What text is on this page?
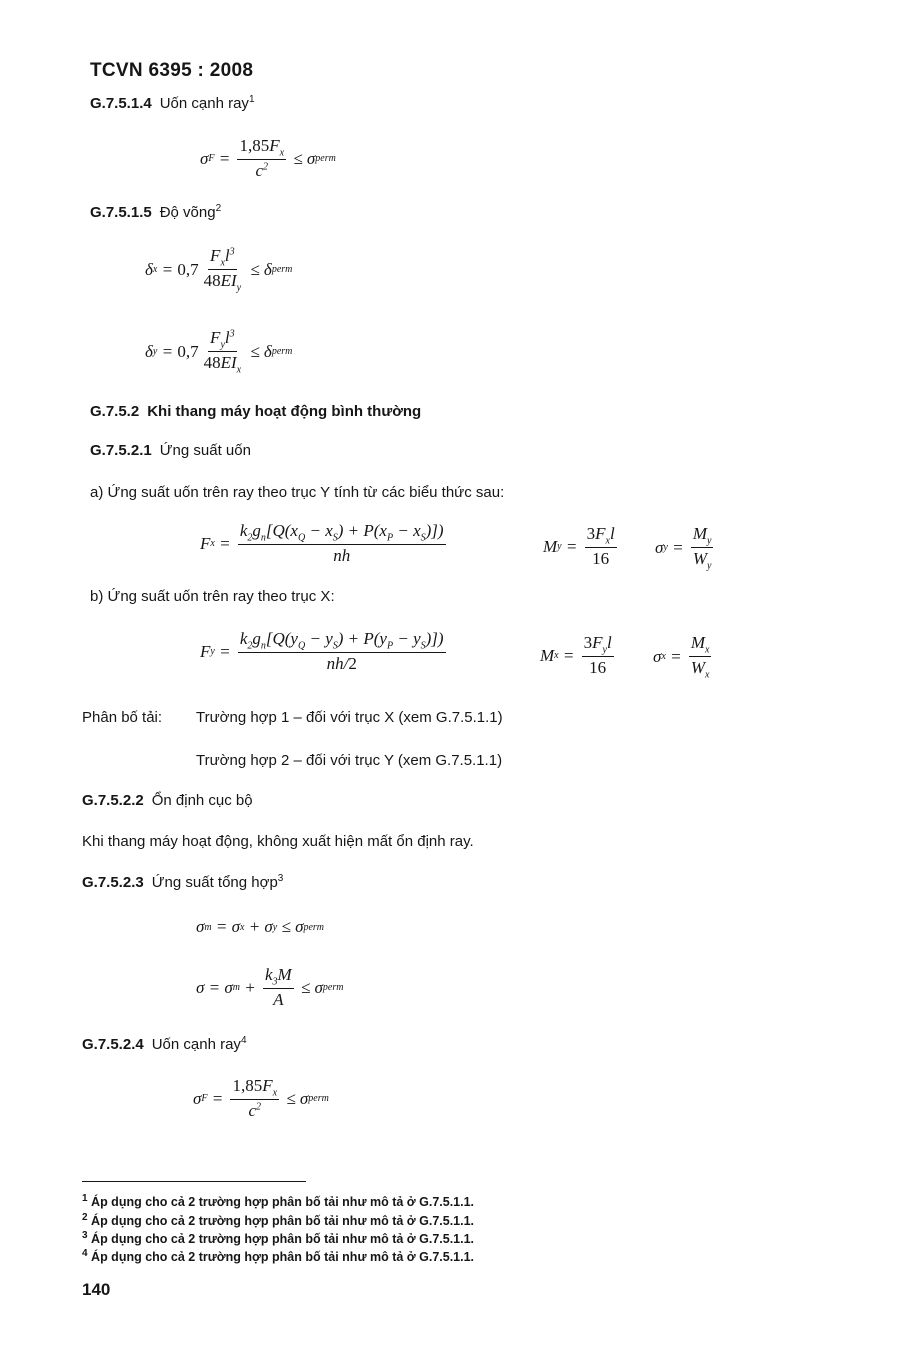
TCVN 6395 : 2008
G.7.5.1.4 Uốn cạnh ray$^1$
σ $F = \frac{1,85F_x}{c^2} \le \sigma$ perm
G.7.5.1.5 Độ võng$^2$
δ $x = 0,7 \frac{F_xl^3}{48EI_y} \le \delta$ perm
δ $y = 0,7 \frac{F_yl^3}{48EI_x} \le \delta$ perm
G.7.5.2 Khi thang máy hoạt động bình thường
G.7.5.2.1 Ứng suất uốn
a) Ứng suất uốn trên ray theo trục Y tính từ các biểu thức sau:
F $x = \frac{k_2g_n[Q(x_Q - x_S) + P(x_P - x_S)])}{nh}$	M $y = \frac{3F_xl}{16}$ σ $y = \frac{M_y}{W_y}$
b) Ứng suất uốn trên ray theo trục X:
F $y = \frac{k_2g_n[Q(y_Q - y_S) + P(y_P - y_S)])}{nh/2}$	M $x = \frac{3F_yl}{16}$ σ $x = \frac{M_x}{W_x}$
Phân bố tải: Trường hợp 1 – đối với trục X (xem G.7.5.1.1)
Trường hợp 2 – đối với trục Y (xem G.7.5.1.1)
G.7.5.2.2 Ổn định cục bộ
Khi thang máy hoạt động, không xuất hiện mất ổn định ray.
G.7.5.2.3 Ứng suất tổng hợp$^3$
σ m = σ x + σ y ≤ σ perm
σ = σ $m + \frac{k_3M}{A} \le \sigma$ perm
G.7.5.2.4 Uốn cạnh ray$^4$
σ $F = \frac{1,85F_x}{c^2} \le \sigma$ perm
$^1$ Áp dụng cho cả 2 trường hợp phân bố tải như mô tả ở G.7.5.1.1.
$^2$ Áp dụng cho cả 2 trường hợp phân bố tải như mô tả ở G.7.5.1.1.
$^3$ Áp dụng cho cả 2 trường hợp phân bố tải như mô tả ở G.7.5.1.1.
$^4$ Áp dụng cho cả 2 trường hợp phân bố tải như mô tả ở G.7.5.1.1.
140
